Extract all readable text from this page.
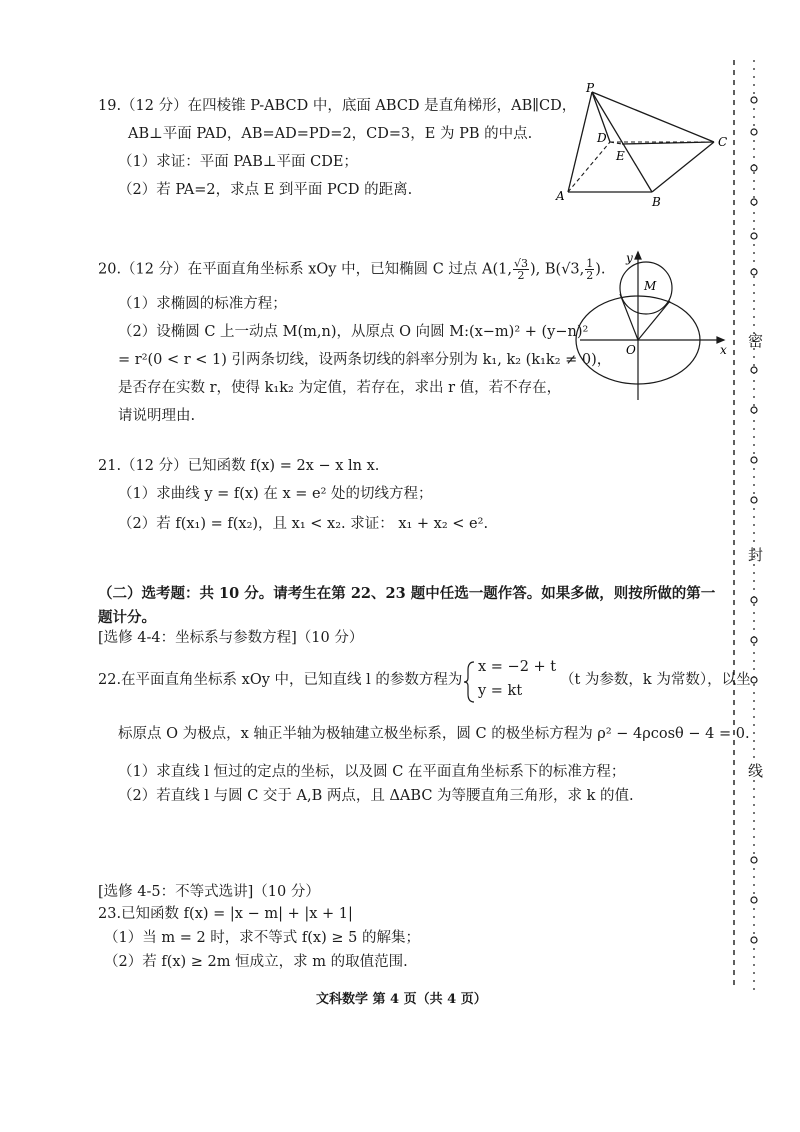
19.（12 分）在四棱锥 P-ABCD 中，底面 ABCD 是直角梯形，AB∥CD，
AB⊥平面 PAD，AB=AD=PD=2，CD=3，E 为 PB 的中点.
（1）求证：平面 PAB⊥平面 CDE；
（2）若 PA=2，求点 E 到平面 PCD 的距离.
P
D
E
C
A	B
20.（12 分）在平面直角坐标系 xOy 中，已知椭圆 C 过点 A(1, $\frac{√3}{2}$ ), B(√3, $\frac{1}{2}$ ).
（1）求椭圆的标准方程；
（2）设椭圆 C 上一动点 M(m,n)，从原点 O 向圆 M:(x−m)² + (y−n)²
= r²(0 < r < 1) 引两条切线，设两条切线的斜率分别为 k₁, k₂ (k₁k₂ ≠ 0)，
是否存在实数 r，使得 k₁k₂ 为定值，若存在，求出 r 值，若不存在，
请说明理由.
y
M
O	x
21.（12 分）已知函数 f(x) = 2x − x ln x.
（1）求曲线 y = f(x) 在 x = e² 处的切线方程；
（2）若 f(x₁) = f(x₂)，且 x₁ < x₂. 求证： x₁ + x₂ < e².
（二）选考题：共 10 分。请考生在第 22、23 题中任选一题作答。如果多做，则按所做的第一
题计分。
[选修 4-4：坐标系与参数方程]（10 分）
22.在平面直角坐标系 xOy 中，已知直线 l 的参数方程为
x = −2 + t
y = kt
（t 为参数，k 为常数），以坐
标原点 O 为极点，x 轴正半轴为极轴建立极坐标系，圆 C 的极坐标方程为 ρ² − 4ρcosθ − 4 = 0.
（1）求直线 l 恒过的定点的坐标，以及圆 C 在平面直角坐标系下的标准方程；
（2）若直线 l 与圆 C 交于 A,B 两点，且 ΔABC 为等腰直角三角形，求 k 的值.
[选修 4-5：不等式选讲]（10 分）
23.已知函数 f(x) = |x − m| + |x + 1|
（1）当 m = 2 时，求不等式 f(x) ≥ 5 的解集；
（2）若 f(x) ≥ 2m 恒成立，求 m 的取值范围.
文科数学 第 4 页（共 4 页）
密
封
线
